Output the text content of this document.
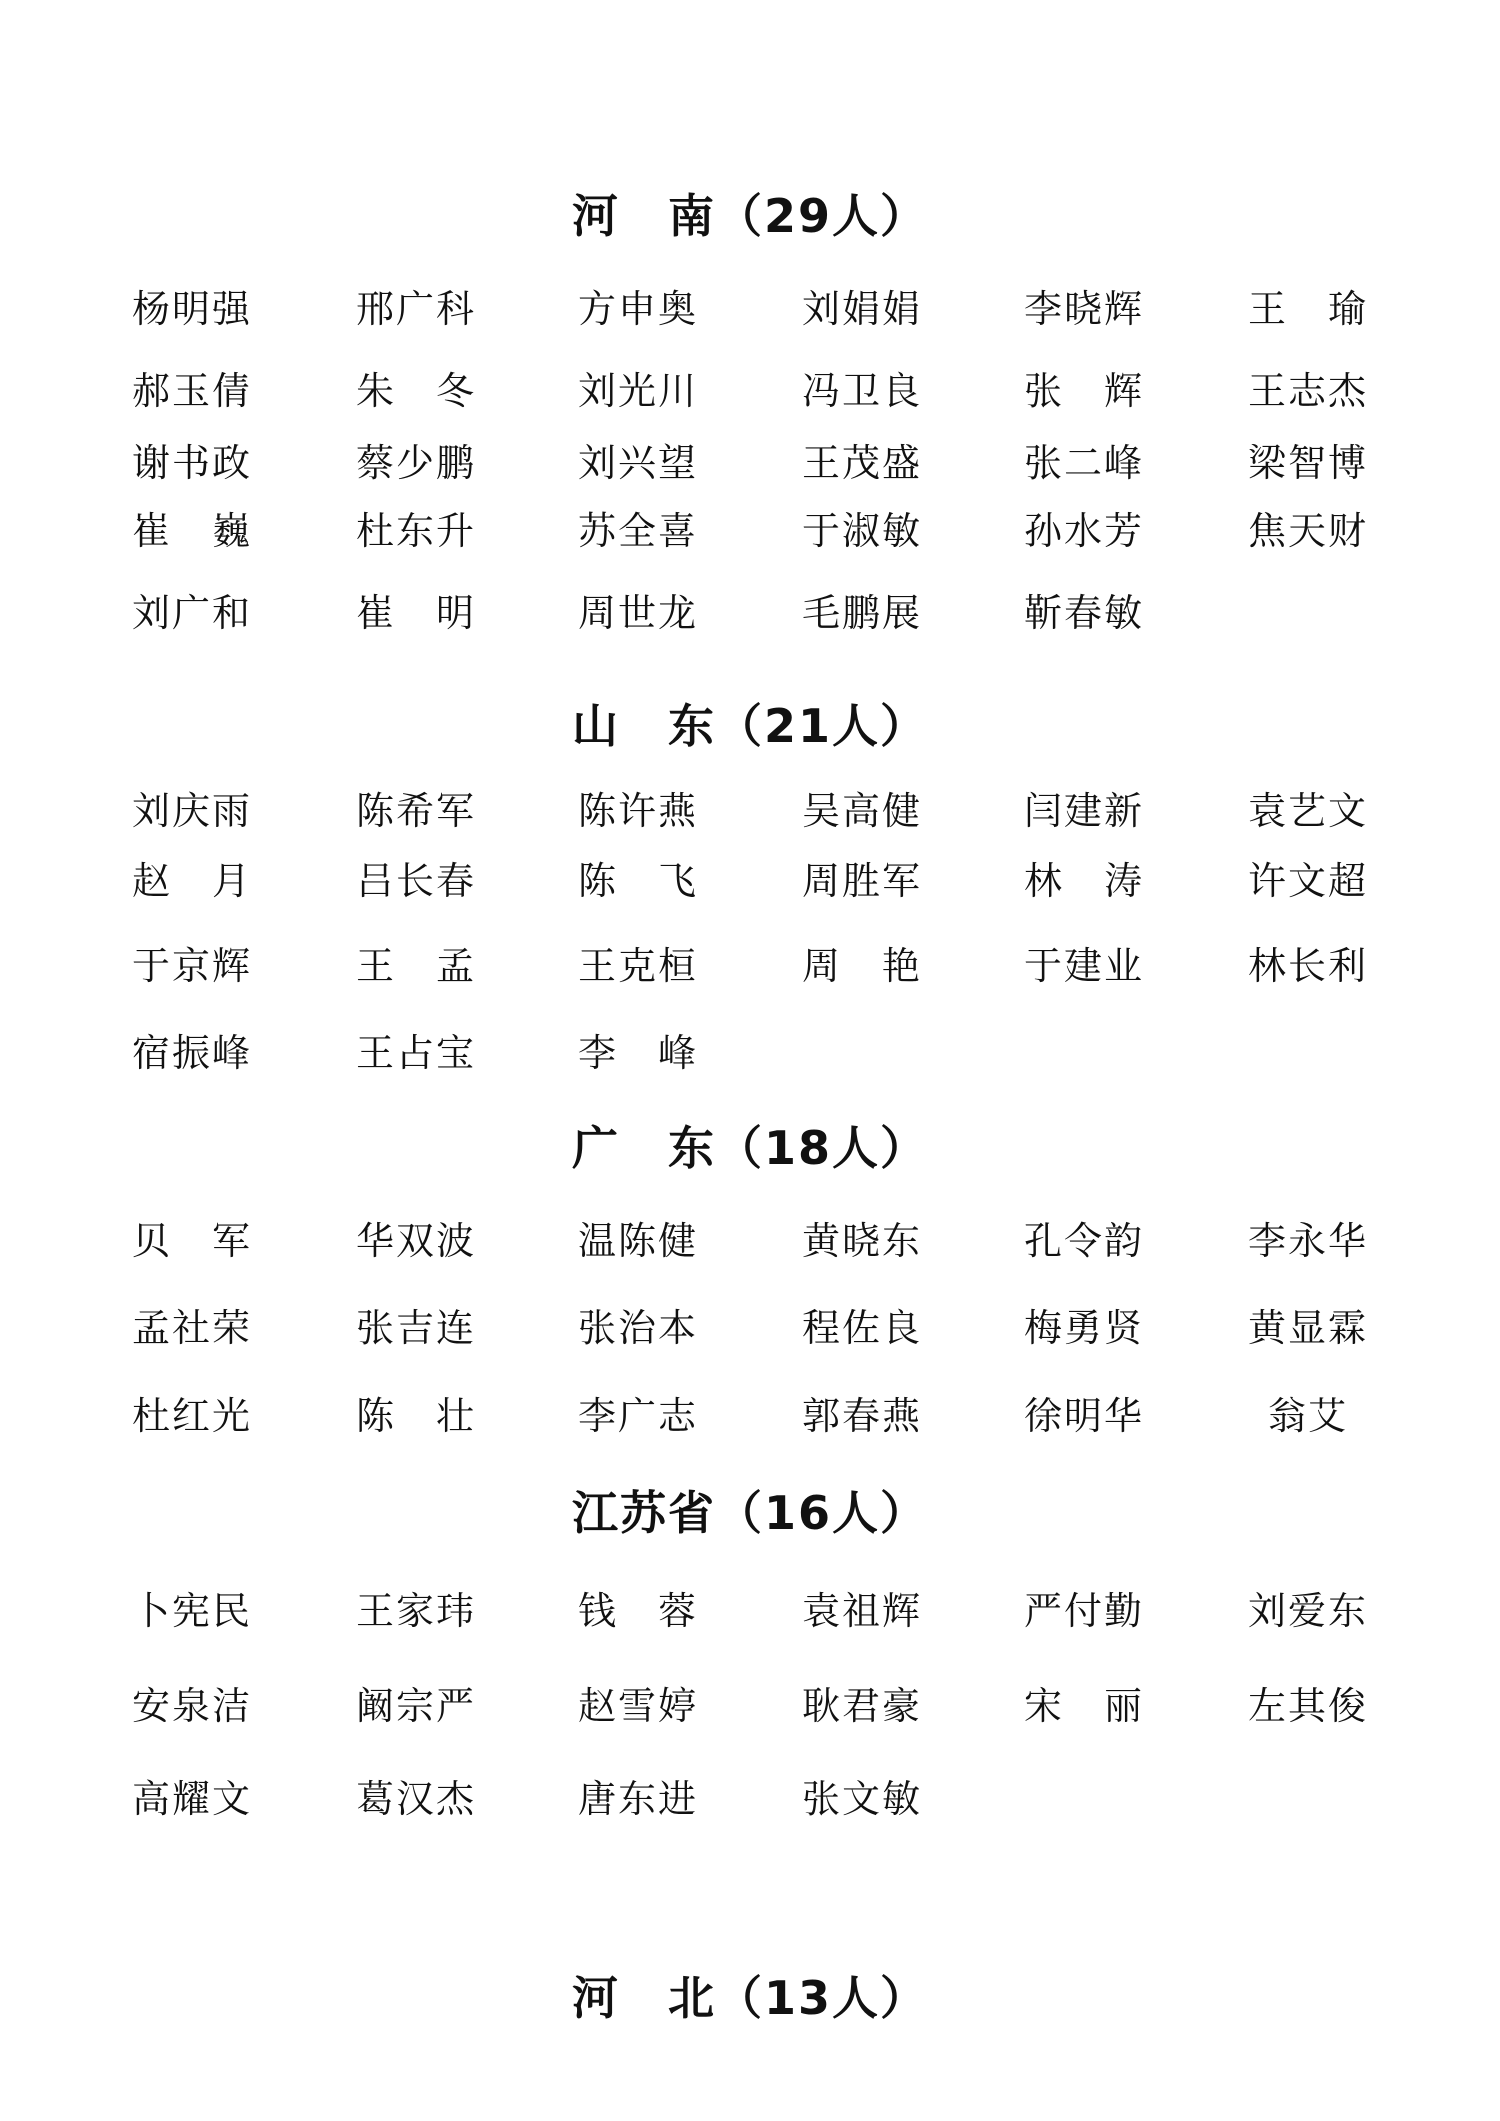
河　南（29人）
杨明强	邢广科	方申奥	刘娟娟	李晓辉	王　瑜
郝玉倩	朱　冬	刘光川	冯卫良	张　辉	王志杰
谢书政	蔡少鹏	刘兴望	王茂盛	张二峰	梁智博
崔　巍	杜东升	苏全喜	于淑敏	孙水芳	焦天财
刘广和	崔　明	周世龙	毛鹏展	靳春敏
山　东（21人）
刘庆雨	陈希军	陈许燕	吴高健	闫建新	袁艺文
赵　月	吕长春	陈　飞	周胜军	林　涛	许文超
于京辉	王　孟	王克桓	周　艳	于建业	林长利
宿振峰	王占宝	李　峰
广　东（18人）
贝　军	华双波	温陈健	黄晓东	孔令韵	李永华
孟社荣	张吉连	张治本	程佐良	梅勇贤	黄显霖
杜红光	陈　壮	李广志	郭春燕	徐明华	翁艾
江苏省（16人）
卜宪民	王家玮	钱　蓉	袁祖辉	严付勤	刘爱东
安泉洁	阚宗严	赵雪婷	耿君豪	宋　丽	左其俊
高耀文	葛汉杰	唐东进	张文敏
河　北（13人）
